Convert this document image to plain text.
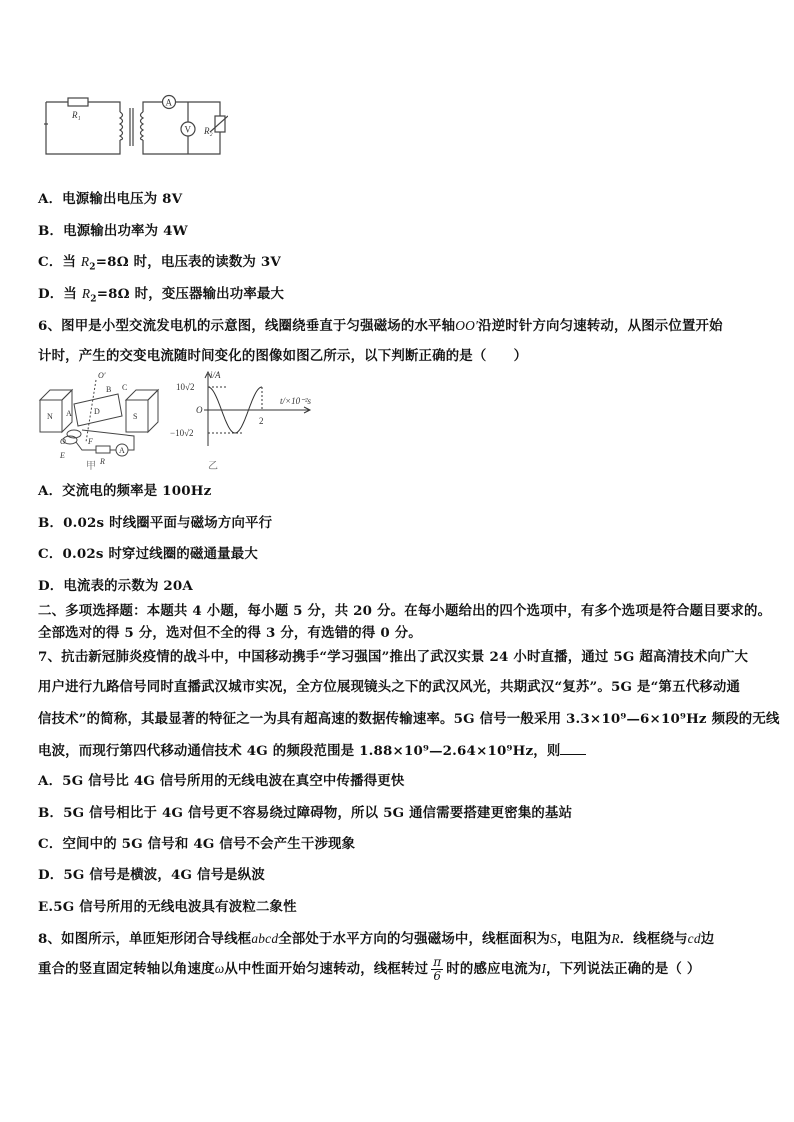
A
V
R₁
R₂
A．电源输出电压为 8V
B．电源输出功率为 4W
C．当 $R_2=8\Omega$ 时，电压表的读数为 3V
D．当 $R_2=8\Omega$ 时，变压器输出功率最大
6、图甲是小型交流发电机的示意图，线圈绕垂直于匀强磁场的水平轴OO′沿逆时针方向匀速转动，从图示位置开始
计时，产生的交变电流随时间变化的图像如图乙所示，以下判断正确的是（　　）
N	S
A
B C
D
O
O′
E
F
R
A
甲
i/A
10√2
−10√2
O
t/×10⁻²s
2
乙
A．交流电的频率是 100Hz
B．0.02s 时线圈平面与磁场方向平行
C．0.02s 时穿过线圈的磁通量最大
D．电流表的示数为 20A
二、多项选择题：本题共 4 小题，每小题 5 分，共 20 分。在每小题给出的四个选项中，有多个选项是符合题目要求的。
全部选对的得 5 分，选对但不全的得 3 分，有选错的得 0 分。
7、抗击新冠肺炎疫情的战斗中，中国移动携手“学习强国”推出了武汉实景 24 小时直播，通过 5G 超高清技术向广大
用户进行九路信号同时直播武汉城市实况，全方位展现镜头之下的武汉风光，共期武汉“复苏”。5G 是“第五代移动通
信技术”的简称，其最显著的特征之一为具有超高速的数据传输速率。5G 信号一般采用 3.3×10⁹—6×10⁹Hz 频段的无线
电波，而现行第四代移动通信技术 4G 的频段范围是 1.88×10⁹—2.64×10⁹Hz，则
A．5G 信号比 4G 信号所用的无线电波在真空中传播得更快
B．5G 信号相比于 4G 信号更不容易绕过障碍物，所以 5G 通信需要搭建更密集的基站
C．空间中的 5G 信号和 4G 信号不会产生干涉现象
D．5G 信号是横波，4G 信号是纵波
E.5G 信号所用的无线电波具有波粒二象性
8、如图所示，单匝矩形闭合导线框abcd全部处于水平方向的匀强磁场中，线框面积为S，电阻为R．线框绕与cd边
重合的竖直固定转轴以角速度ω从中性面开始匀速转动，线框转过 $\frac{\pi}{6}$ 时的感应电流为I，下列说法正确的是（ ）
